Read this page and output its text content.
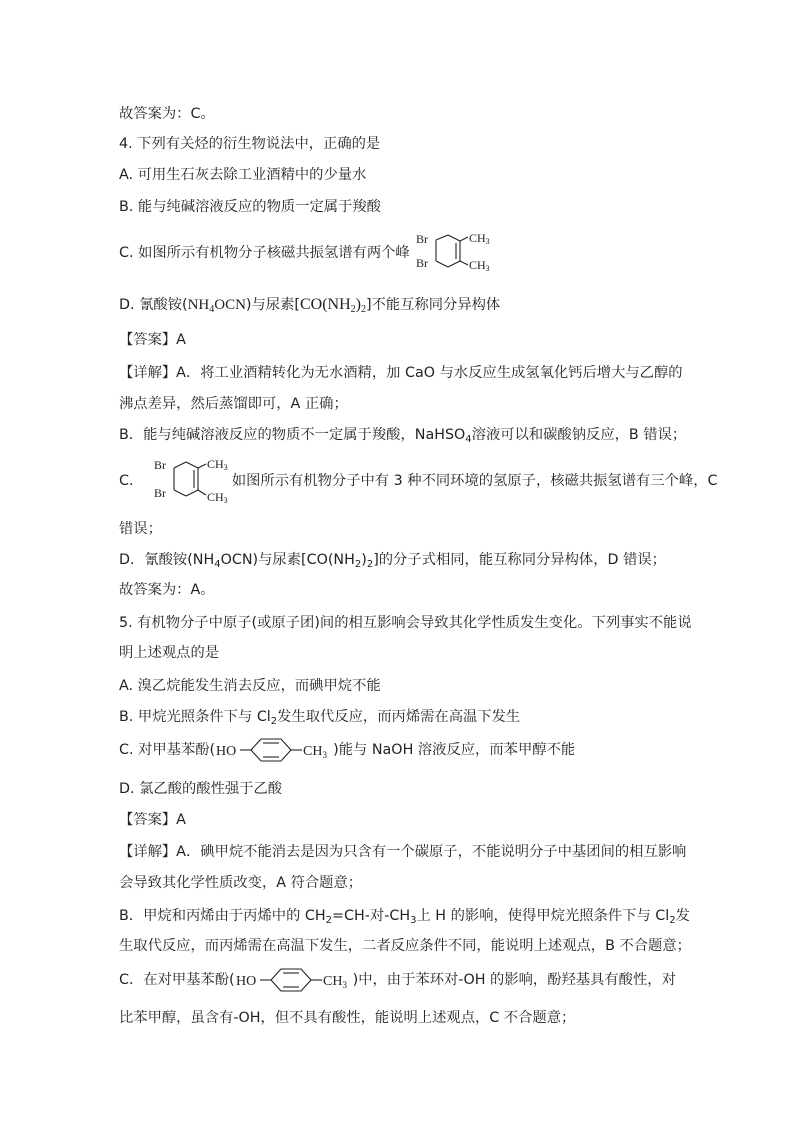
故答案为：C。
4. 下列有关烃的衍生物说法中，正确的是
A. 可用生石灰去除工业酒精中的少量水
B. 能与纯碱溶液反应的物质一定属于羧酸
C. 如图所示有机物分子核磁共振氢谱有两个峰
Br
Br
CH3
CH3
D. 氰酸铵$(NH_4OCN)$与尿素$[CO(NH_2)_2]$不能互称同分异构体
【答案】A
【详解】A．将工业酒精转化为无水酒精，加 CaO 与水反应生成氢氧化钙后增大与乙醇的
沸点差异，然后蒸馏即可，A 正确；
B．能与纯碱溶液反应的物质不一定属于羧酸，NaHSO$_4$溶液可以和碳酸钠反应，B 错误；
C．
Br
Br
CH3
CH3
如图所示有机物分子中有 3 种不同环境的氢原子，核磁共振氢谱有三个峰，C
错误；
D．氰酸铵$(NH_4OCN)$与尿素$[CO(NH_2)_2]$的分子式相同，能互称同分异构体，D 错误；
故答案为：A。
5. 有机物分子中原子(或原子团)间的相互影响会导致其化学性质发生变化。下列事实不能说
明上述观点的是
A. 溴乙烷能发生消去反应，而碘甲烷不能
B. 甲烷光照条件下与 $Cl_2$发生取代反应，而丙烯需在高温下发生
C. 对甲基苯酚( HO	$CH_3$ )能与 NaOH 溶液反应，而苯甲醇不能
D. 氯乙酸的酸性强于乙酸
【答案】A
【详解】A．碘甲烷不能消去是因为只含有一个碳原子，不能说明分子中基团间的相互影响
会导致其化学性质改变，A 符合题意；
B．甲烷和丙烯由于丙烯中的 $CH_2=CH-$对$-CH_3$上 H 的影响，使得甲烷光照条件下与 $Cl_2$发
生取代反应，而丙烯需在高温下发生，二者反应条件不同，能说明上述观点，B 不合题意；
C．在对甲基苯酚( HO	$CH_3$ )中，由于苯环对-OH 的影响，酚羟基具有酸性，对
比苯甲醇，虽含有-OH，但不具有酸性，能说明上述观点，C 不合题意；
